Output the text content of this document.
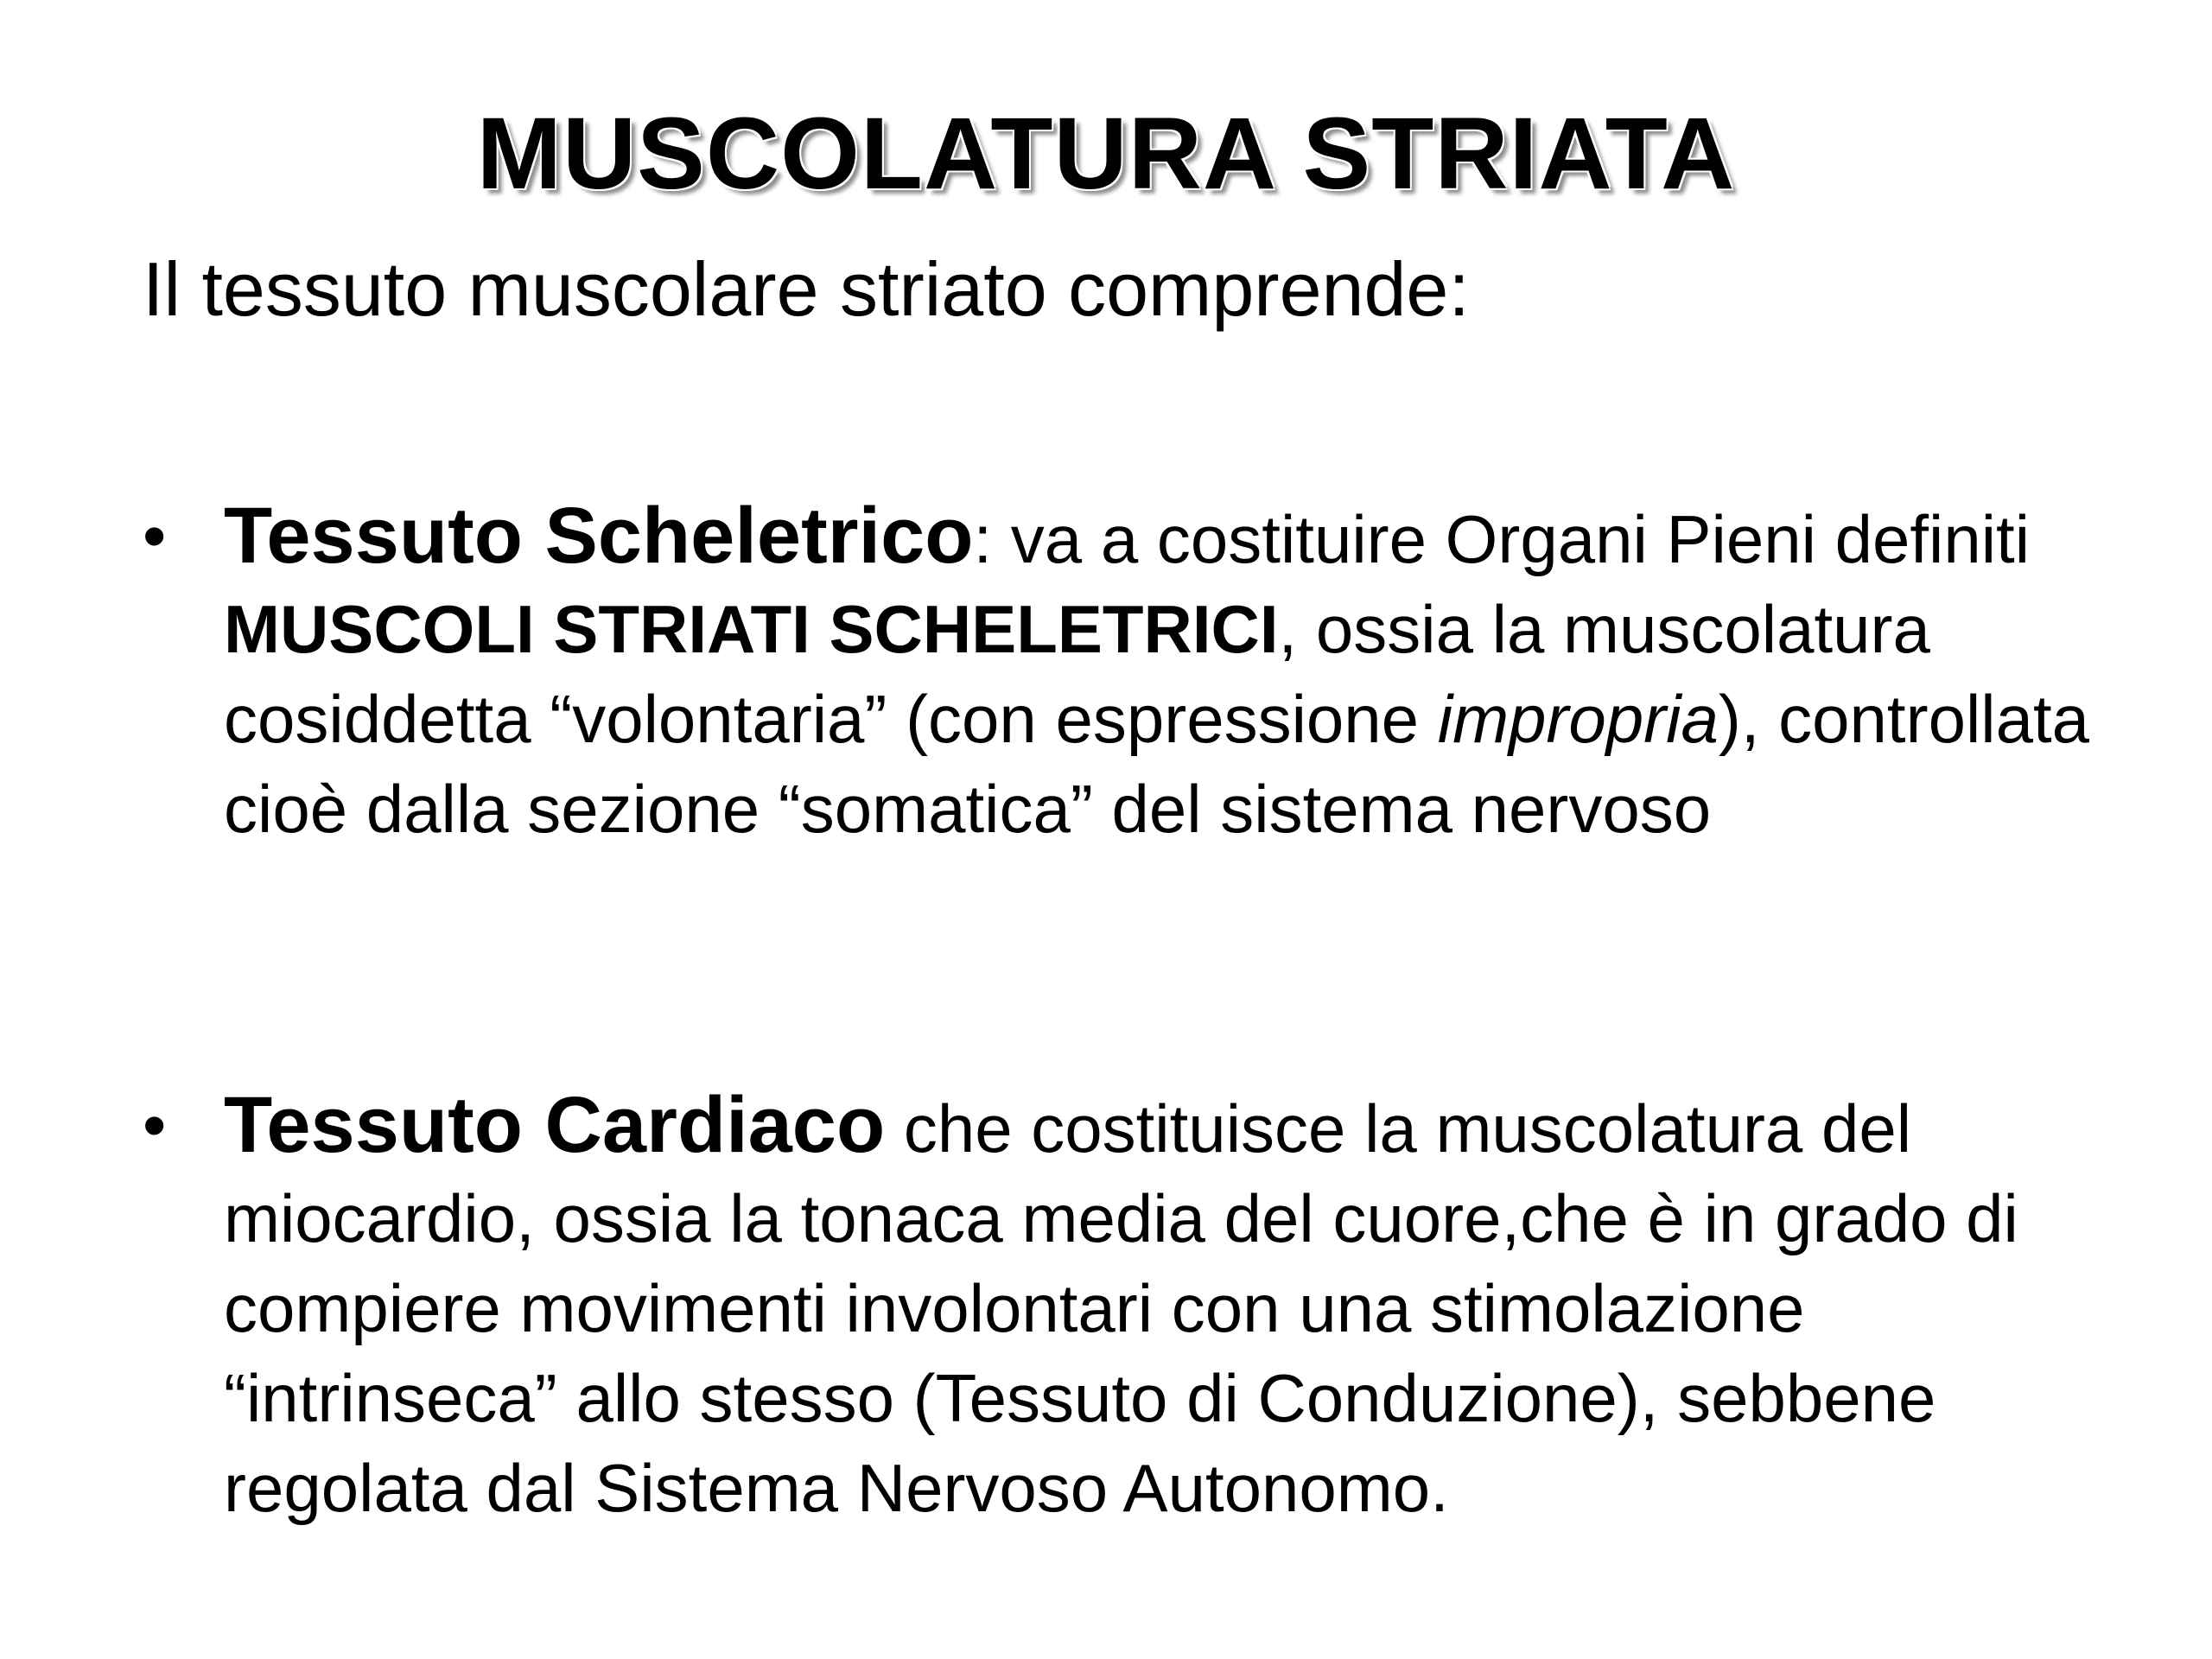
MUSCOLATURA STRIATA
Il tessuto muscolare striato comprende:
• Tessuto Scheletrico: va a costituire Organi Pieni definiti MUSCOLI STRIATI SCHELETRICI, ossia la muscolatura cosiddetta “volontaria” (con espressione impropria), controllata cioè dalla sezione “somatica” del sistema nervoso
• Tessuto Cardiaco che costituisce la muscolatura del miocardio, ossia la tonaca media del cuore,che è in grado di compiere movimenti involontari con una stimolazione “intrinseca” allo stesso (Tessuto di Conduzione), sebbene regolata dal Sistema Nervoso Autonomo.
